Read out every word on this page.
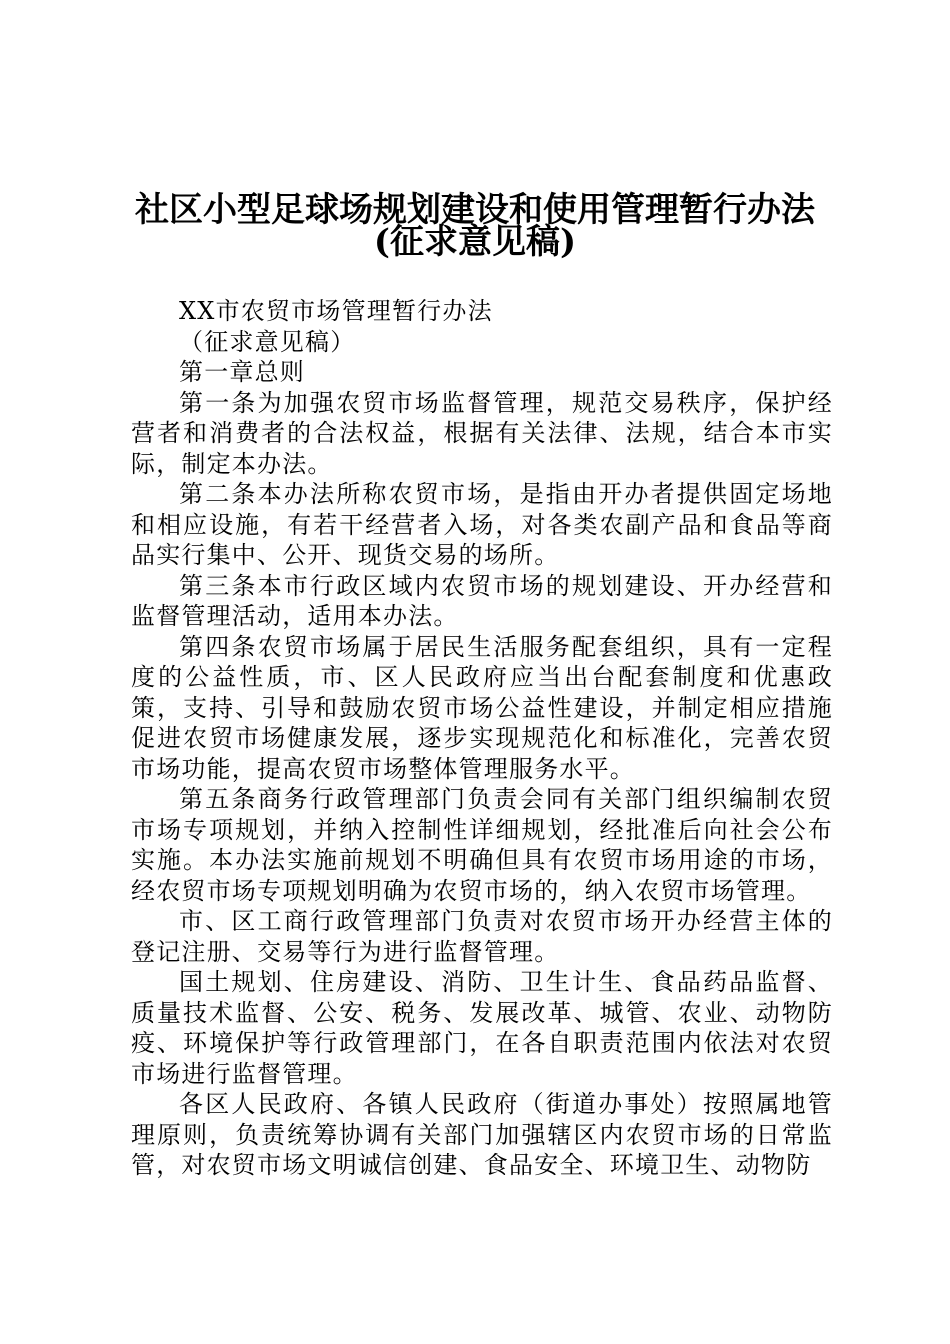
社区小型足球场规划建设和使用管理暂行办法
(征求意见稿)

XX市农贸市场管理暂行办法

（征求意见稿）

第一章总则

第一条为加强农贸市场监督管理，规范交易秩序，保护经营者和消费者的合法权益，根据有关法律、法规，结合本市实际，制定本办法。

第二条本办法所称农贸市场，是指由开办者提供固定场地和相应设施，有若干经营者入场，对各类农副产品和食品等商品实行集中、公开、现货交易的场所。

第三条本市行政区域内农贸市场的规划建设、开办经营和监督管理活动，适用本办法。

第四条农贸市场属于居民生活服务配套组织，具有一定程度的公益性质，市、区人民政府应当出台配套制度和优惠政策，支持、引导和鼓励农贸市场公益性建设，并制定相应措施促进农贸市场健康发展，逐步实现规范化和标准化，完善农贸市场功能，提高农贸市场整体管理服务水平。

第五条商务行政管理部门负责会同有关部门组织编制农贸市场专项规划，并纳入控制性详细规划，经批准后向社会公布实施。本办法实施前规划不明确但具有农贸市场用途的市场，经农贸市场专项规划明确为农贸市场的，纳入农贸市场管理。

市、区工商行政管理部门负责对农贸市场开办经营主体的登记注册、交易等行为进行监督管理。

国土规划、住房建设、消防、卫生计生、食品药品监督、质量技术监督、公安、税务、发展改革、城管、农业、动物防疫、环境保护等行政管理部门，在各自职责范围内依法对农贸市场进行监督管理。

各区人民政府、各镇人民政府（街道办事处）按照属地管理原则，负责统筹协调有关部门加强辖区内农贸市场的日常监管，对农贸市场文明诚信创建、食品安全、环境卫生、动物防
